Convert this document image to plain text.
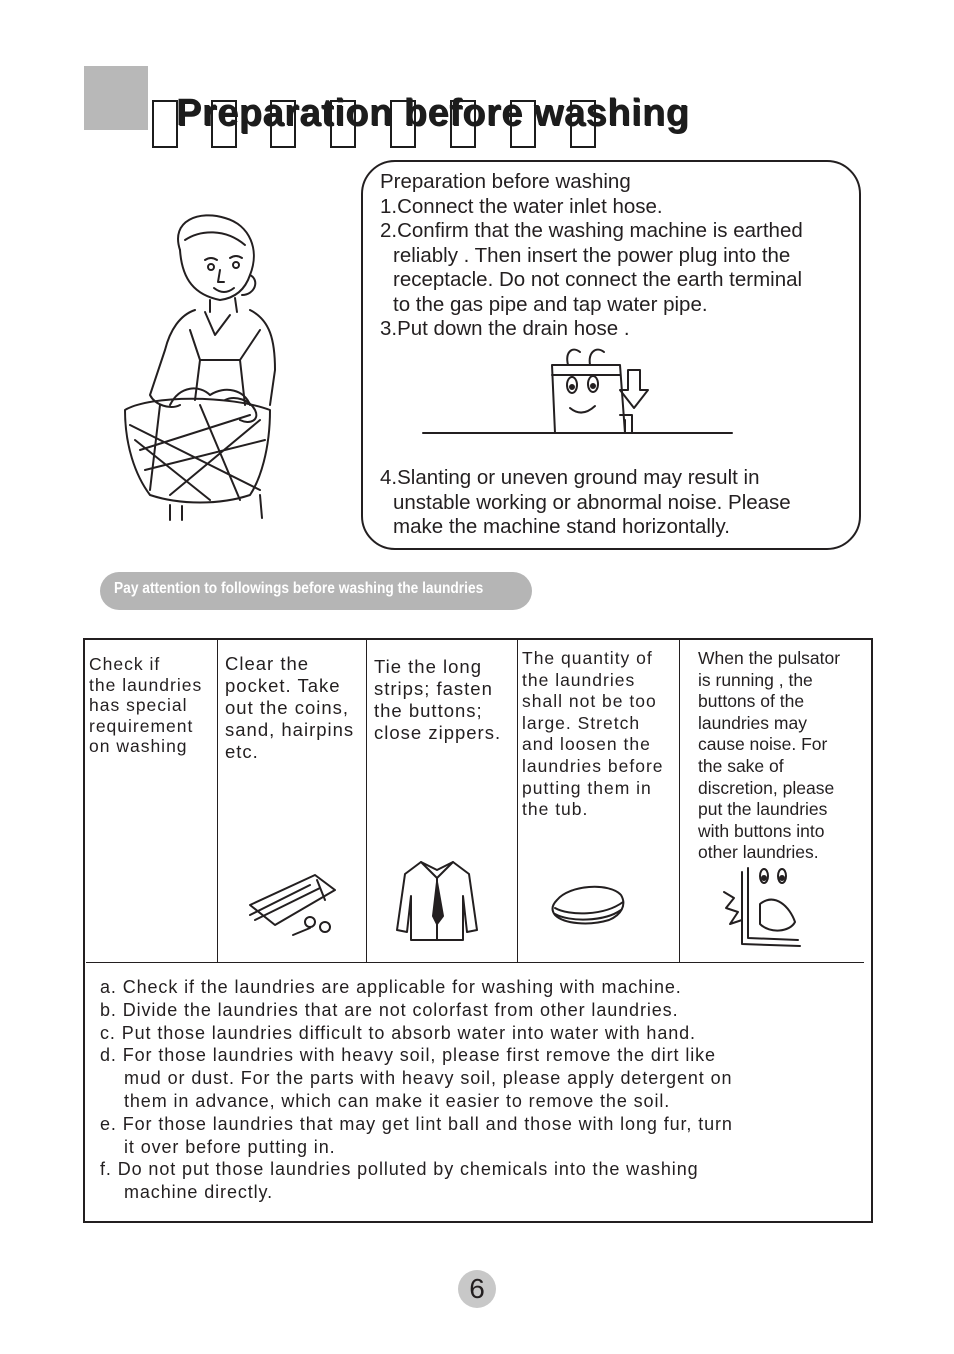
Preparation before washing
Preparation before washing
1.Connect the water inlet hose.
2.Confirm that the washing machine is earthed
reliably . Then insert the power plug into the
receptacle. Do not connect the earth terminal
to the gas pipe and tap water pipe.
3.Put down the drain hose .
4.Slanting or uneven ground may result in
unstable working or abnormal noise. Please
make the machine stand horizontally.
Pay attention to followings before washing the laundries
Check if
the laundries
has special
requirement
on washing
Clear the
pocket. Take
out the coins,
sand, hairpins
etc.
Tie the long
strips; fasten
the buttons;
close zippers.
The quantity of
the laundries
shall not be too
large. Stretch
and loosen the
laundries before
putting them in
the tub.
When the pulsator
is running , the
buttons of the
laundries may
cause noise. For
the sake of
discretion, please
put the laundries
with buttons into
other laundries.
a. Check if the laundries are applicable for washing with machine.
b. Divide the laundries that are not colorfast from other laundries.
c. Put those laundries difficult to absorb water into water with hand.
d. For those laundries with heavy soil, please first remove the dirt like
mud or dust. For the parts with heavy soil, please apply detergent on
them in advance, which can make it easier to remove the soil.
e. For those laundries that may get lint ball and those with long fur, turn
it over before putting in.
f. Do not put those laundries polluted by chemicals into the washing
machine directly.
6
